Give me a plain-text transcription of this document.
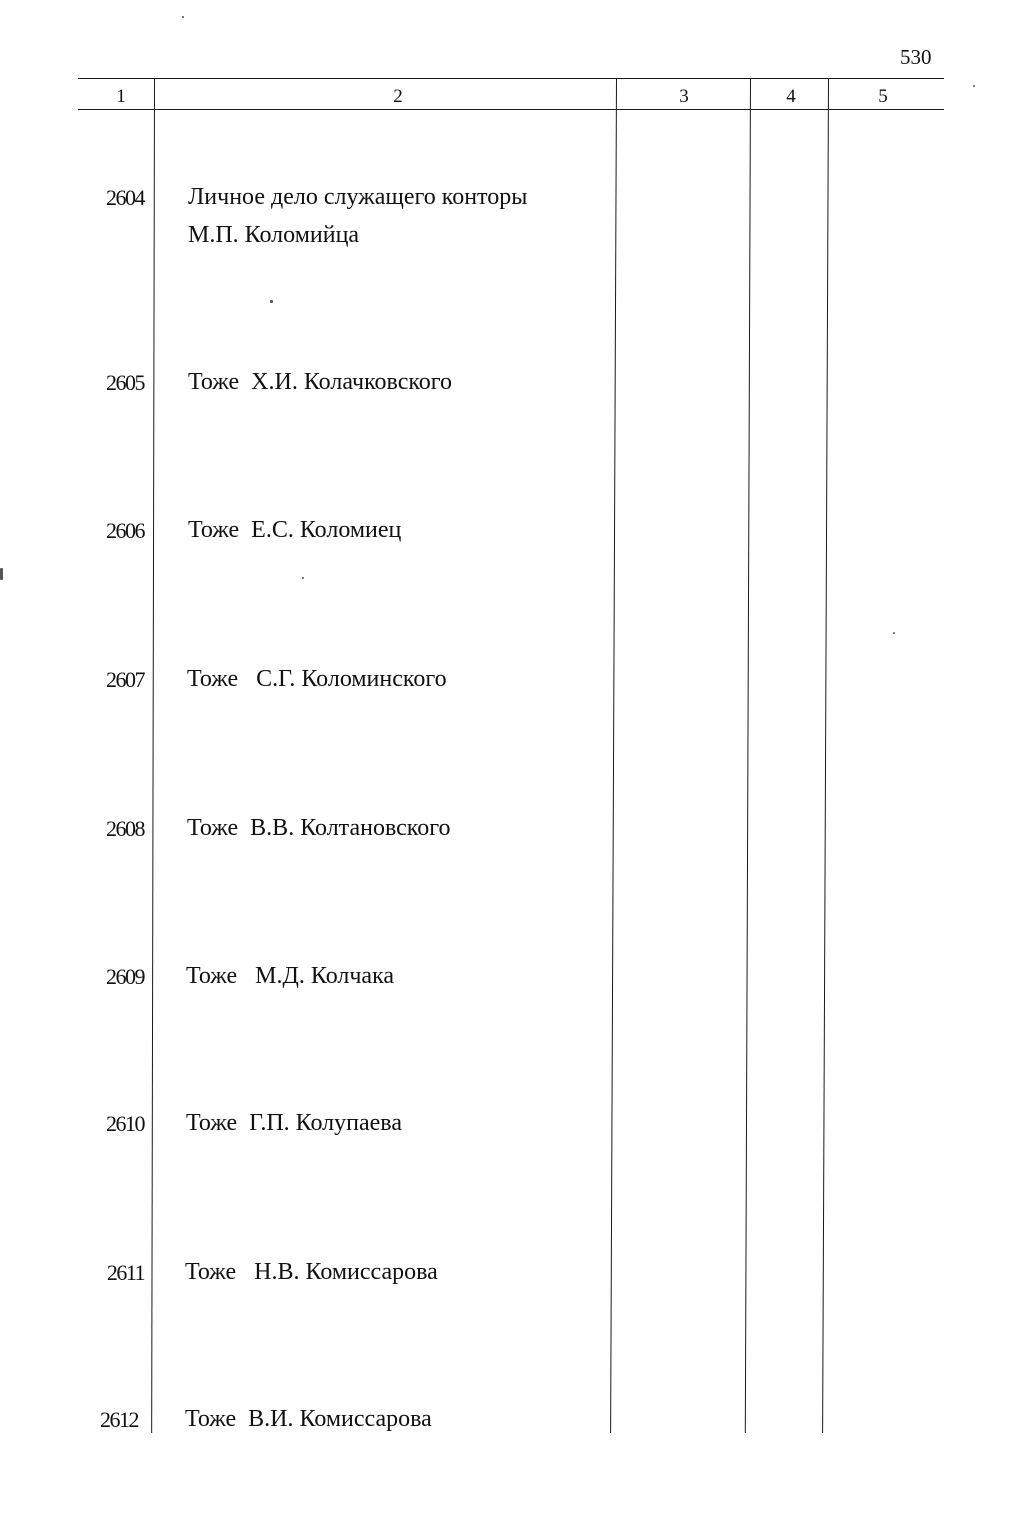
530
1	2	3	4	5
2604 Личное дело служащего конторы
М.П. Коломийца
2605 Тоже  Х.И. Колачковского
2606 Тоже  Е.С. Коломиец
2607 Тоже   С.Г. Коломинского
2608 Тоже  В.В. Колтановского
2609 Тоже   М.Д. Колчака
2610 Тоже  Г.П. Колупаева
2611 Тоже   Н.В. Комиссарова
2612 Тоже  В.И. Комиссарова
